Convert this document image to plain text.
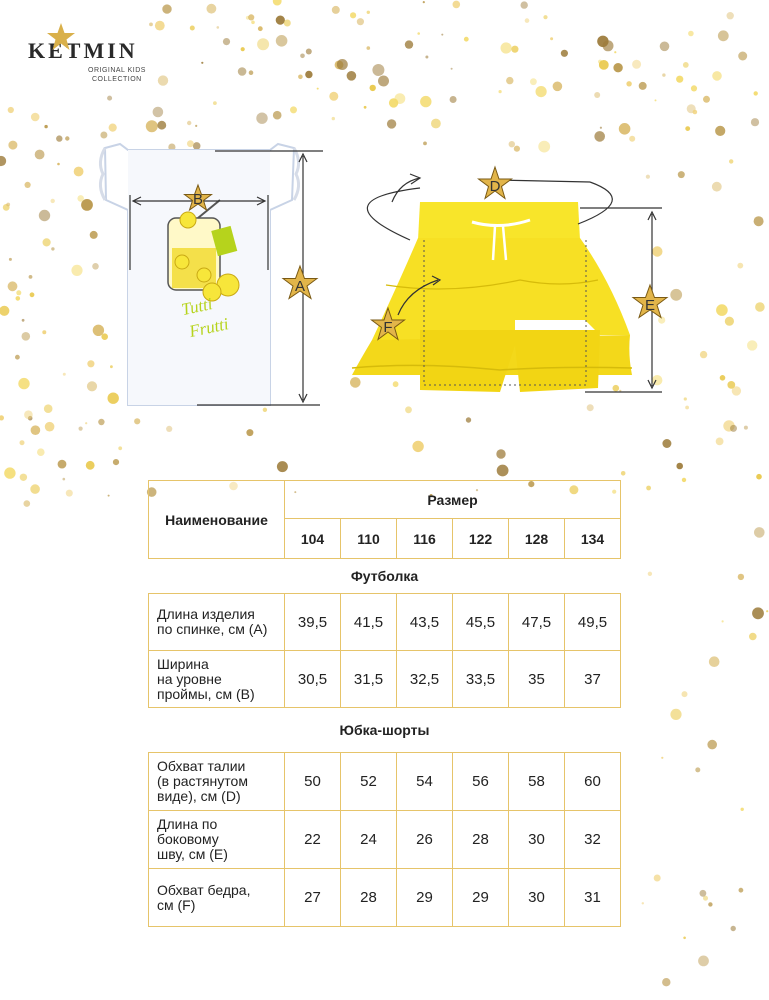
KETMIN
ORIGINAL KIDS
COLLECTION
Tutti
Frutti
B
A
D
E
F
Наименование	Размер					
	104	110	116	122	128	134
Футболка						

Длина изделия
по спинке, см (А)	39,5	41,5	43,5	45,5	47,5	49,5

Ширина
на уровне
проймы, см (В)	30,5	31,5	32,5	33,5	35	37
Юбка-шорты						

Обхват талии
(в растянутом
виде), см (D)	50	52	54	56	58	60

Длина по
боковому
шву, см (E)	22	24	26	28	30	32

Обхват бедра,
см (F)	27	28	29	29	30	31
